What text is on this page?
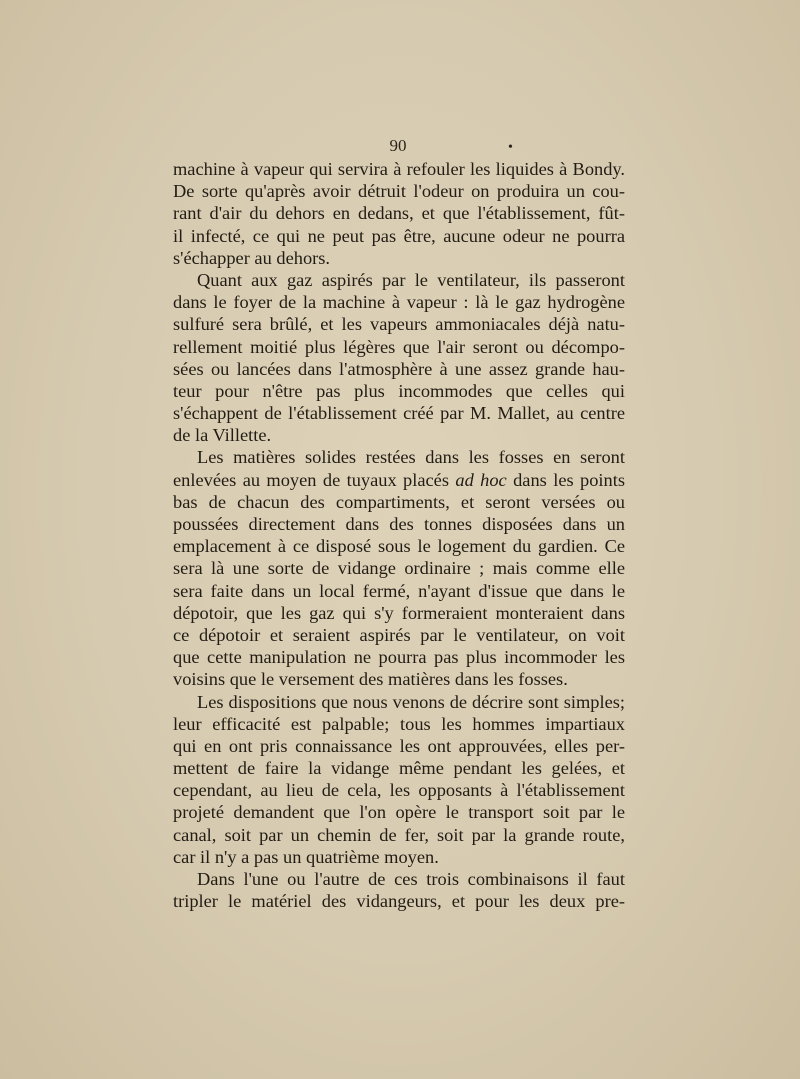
90	•
machine à vapeur qui servira à refouler les liquides à Bondy.
De sorte qu'après avoir détruit l'odeur on produira un cou-
rant d'air du dehors en dedans, et que l'établissement, fût-
il infecté, ce qui ne peut pas être, aucune odeur ne pourra
s'échapper au dehors.
Quant aux gaz aspirés par le ventilateur, ils passeront
dans le foyer de la machine à vapeur : là le gaz hydrogène
sulfuré sera brûlé, et les vapeurs ammoniacales déjà natu-
rellement moitié plus légères que l'air seront ou décompo-
sées ou lancées dans l'atmosphère à une assez grande hau-
teur pour n'être pas plus incommodes que celles qui
s'échappent de l'établissement créé par M. Mallet, au centre
de la Villette.
Les matières solides restées dans les fosses en seront
enlevées au moyen de tuyaux placés ad hoc dans les points
bas de chacun des compartiments, et seront versées ou
poussées directement dans des tonnes disposées dans un
emplacement à ce disposé sous le logement du gardien. Ce
sera là une sorte de vidange ordinaire ; mais comme elle
sera faite dans un local fermé, n'ayant d'issue que dans le
dépotoir, que les gaz qui s'y formeraient monteraient dans
ce dépotoir et seraient aspirés par le ventilateur, on voit
que cette manipulation ne pourra pas plus incommoder les
voisins que le versement des matières dans les fosses.
Les dispositions que nous venons de décrire sont simples;
leur efficacité est palpable; tous les hommes impartiaux
qui en ont pris connaissance les ont approuvées, elles per-
mettent de faire la vidange même pendant les gelées, et
cependant, au lieu de cela, les opposants à l'établissement
projeté demandent que l'on opère le transport soit par le
canal, soit par un chemin de fer, soit par la grande route,
car il n'y a pas un quatrième moyen.
Dans l'une ou l'autre de ces trois combinaisons il faut
tripler le matériel des vidangeurs, et pour les deux pre-
